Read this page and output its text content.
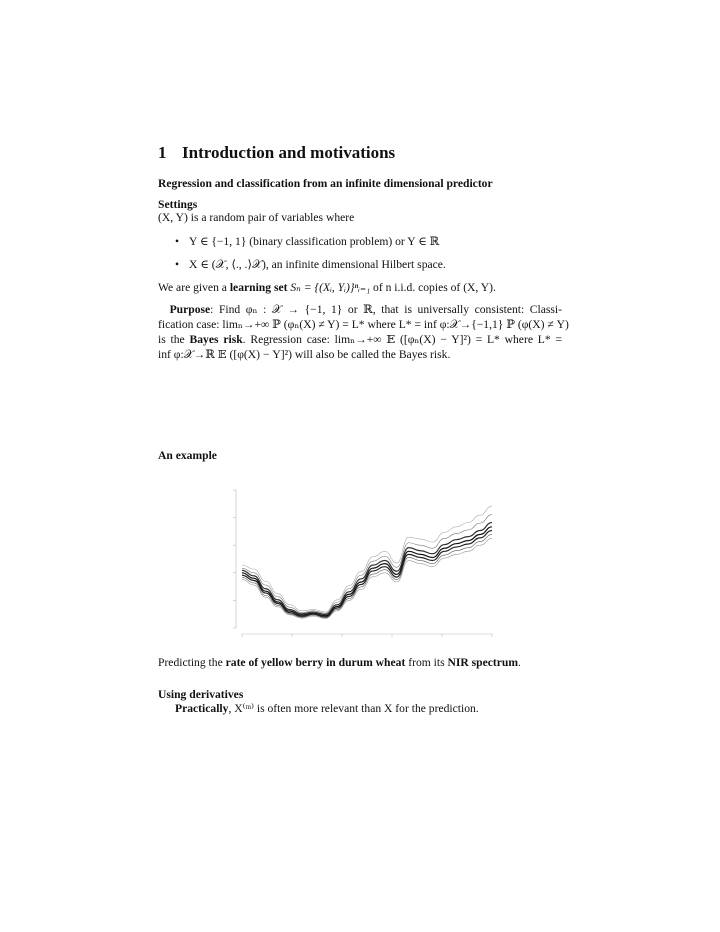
1 Introduction and motivations
Regression and classification from an infinite dimensional predictor
Settings
(X, Y) is a random pair of variables where
• Y ∈ {−1, 1} (binary classification problem) or Y ∈ ℝ
• X ∈ (𝒳, ⟨., .⟩𝒳), an infinite dimensional Hilbert space.
We are given a learning set Sₙ = {(Xᵢ, Yᵢ)}ⁿᵢ₌₁ of n i.i.d. copies of (X, Y).
 Purpose: Find φₙ : 𝒳 → {−1, 1} or ℝ, that is universally consistent: Classi-
fication case: limₙ→+∞ ℙ (φₙ(X) ≠ Y) = L* where L* = inf φ:𝒳→{−1,1} ℙ (φ(X) ≠ Y)
is the Bayes risk. Regression case: limₙ→+∞ 𝔼 ([φₙ(X) − Y]²) = L* where L* =
inf φ:𝒳→ℝ 𝔼 ([φ(X) − Y]²) will also be called the Bayes risk.
An example
Predicting the rate of yellow berry in durum wheat from its NIR spectrum.
Using derivatives
Practically, X⁽ᵐ⁾ is often more relevant than X for the prediction.
